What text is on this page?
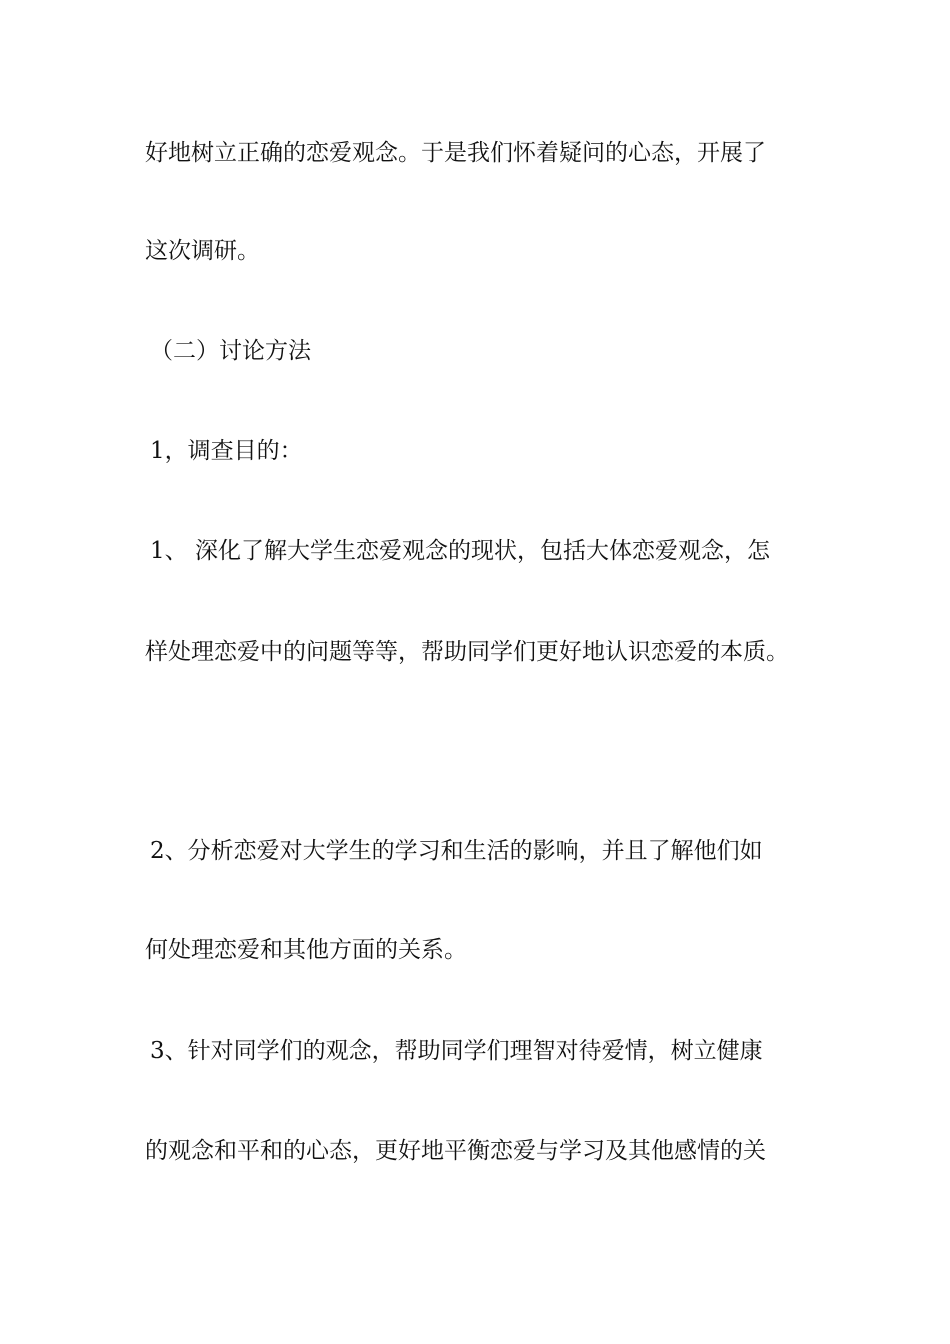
好地树立正确的恋爱观念。于是我们怀着疑问的心态，开展了
这次调研。
（二）讨论方法
1，调查目的：
1、 深化了解大学生恋爱观念的现状，包括大体恋爱观念，怎
样处理恋爱中的问题等等，帮助同学们更好地认识恋爱的本质。
2、分析恋爱对大学生的学习和生活的影响，并且了解他们如
何处理恋爱和其他方面的关系。
3、针对同学们的观念，帮助同学们理智对待爱情，树立健康
的观念和平和的心态，更好地平衡恋爱与学习及其他感情的关
